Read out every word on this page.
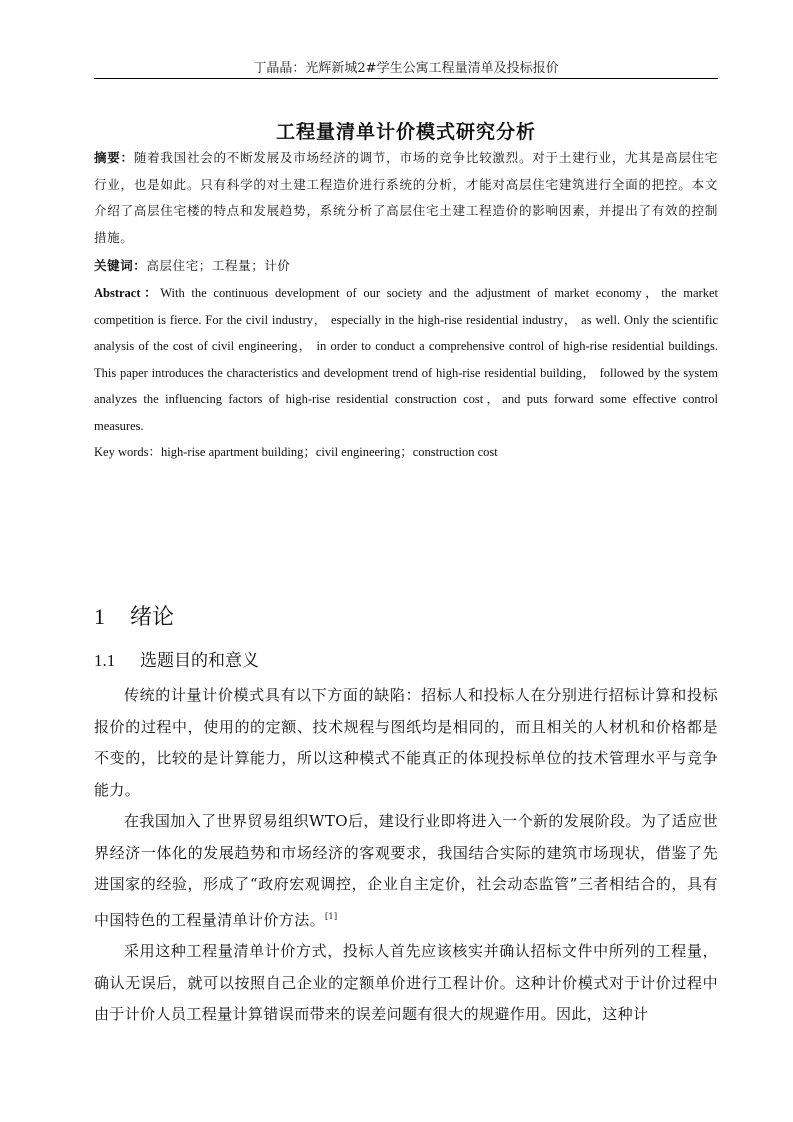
丁晶晶：光辉新城2#学生公寓工程量清单及投标报价
工程量清单计价模式研究分析
摘要：随着我国社会的不断发展及市场经济的调节，市场的竞争比较激烈。对于土建行业，尤其是高层住宅行业，也是如此。只有科学的对土建工程造价进行系统的分析，才能对高层住宅建筑进行全面的把控。本文介绍了高层住宅楼的特点和发展趋势，系统分析了高层住宅土建工程造价的影响因素，并提出了有效的控制措施。
关键词：高层住宅；工程量；计价
Abstract：With the continuous development of our society and the adjustment of market economy，the market competition is fierce. For the civil industry， especially in the high-rise residential industry， as well. Only the scientific analysis of the cost of civil engineering， in order to conduct a comprehensive control of high-rise residential buildings. This paper introduces the characteristics and development trend of high-rise residential building， followed by the system analyzes the influencing factors of high-rise residential construction cost，and puts forward some effective control measures.
Key words：high-rise apartment building；civil engineering；construction cost
1 绪论
1.1 选题目的和意义

传统的计量计价模式具有以下方面的缺陷：招标人和投标人在分别进行招标计算和投标报价的过程中，使用的的定额、技术规程与图纸均是相同的，而且相关的人材机和价格都是不变的，比较的是计算能力，所以这种模式不能真正的体现投标单位的技术管理水平与竞争能力。

在我国加入了世界贸易组织WTO后，建设行业即将进入一个新的发展阶段。为了适应世界经济一体化的发展趋势和市场经济的客观要求，我国结合实际的建筑市场现状，借鉴了先进国家的经验，形成了“政府宏观调控，企业自主定价，社会动态监管”三者相结合的，具有中国特色的工程量清单计价方法。[1]

采用这种工程量清单计价方式，投标人首先应该核实并确认招标文件中所列的工程量，确认无误后，就可以按照自己企业的定额单价进行工程计价。这种计价模式对于计价过程中由于计价人员工程量计算错误而带来的误差问题有很大的规避作用。因此，这种计
